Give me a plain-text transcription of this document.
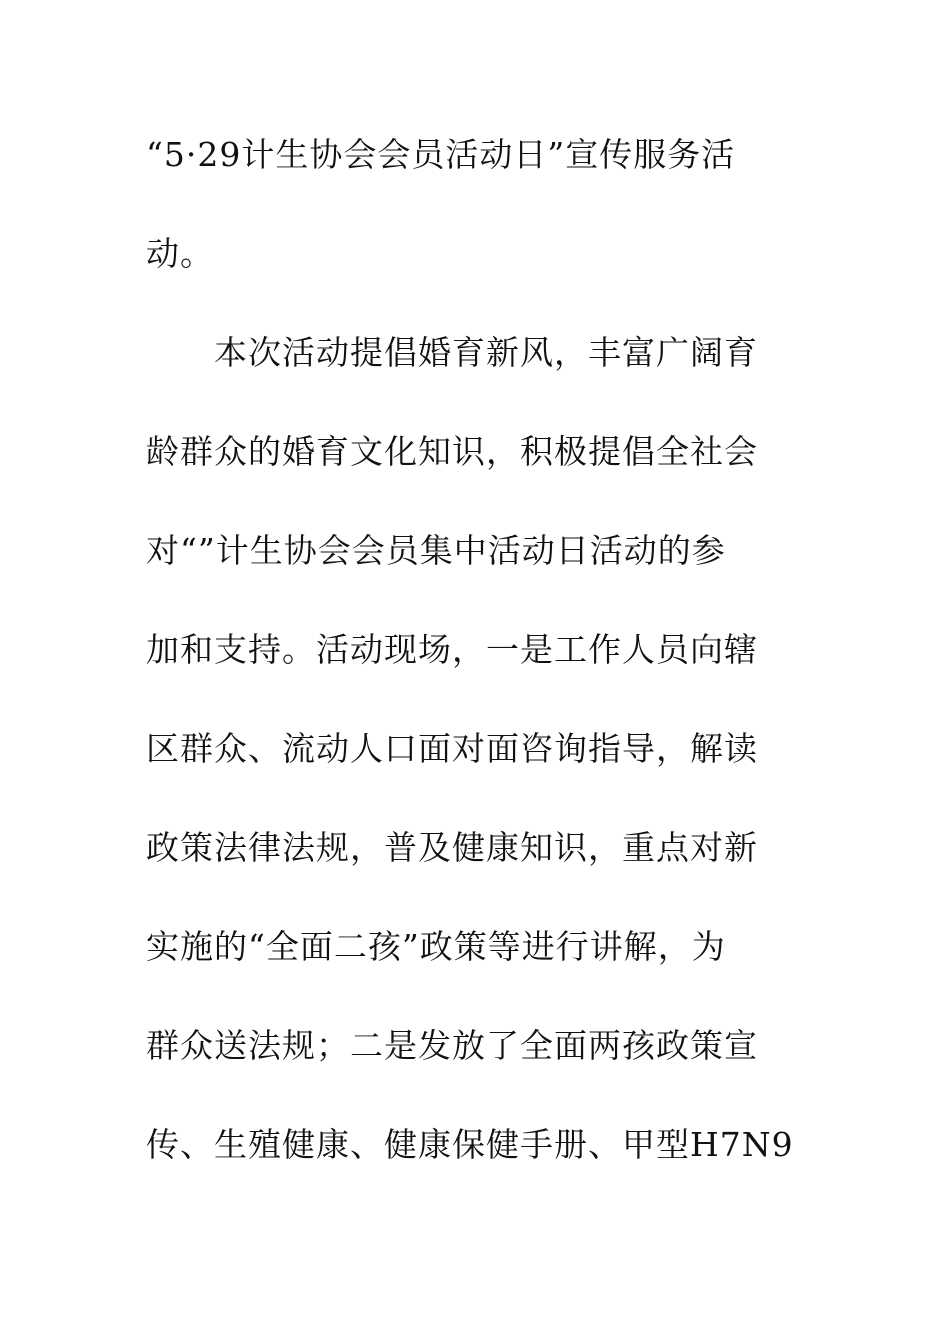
“5·29计生协会会员活动日”宣传服务活
动。
本次活动提倡婚育新风，丰富广阔育
龄群众的婚育文化知识，积极提倡全社会
对“”计生协会会员集中活动日活动的参
加和支持。活动现场，一是工作人员向辖
区群众、流动人口面对面咨询指导，解读
政策法律法规，普及健康知识，重点对新
实施的“全面二孩”政策等进行讲解，为
群众送法规；二是发放了全面两孩政策宣
传、生殖健康、健康保健手册、甲型H7N9
